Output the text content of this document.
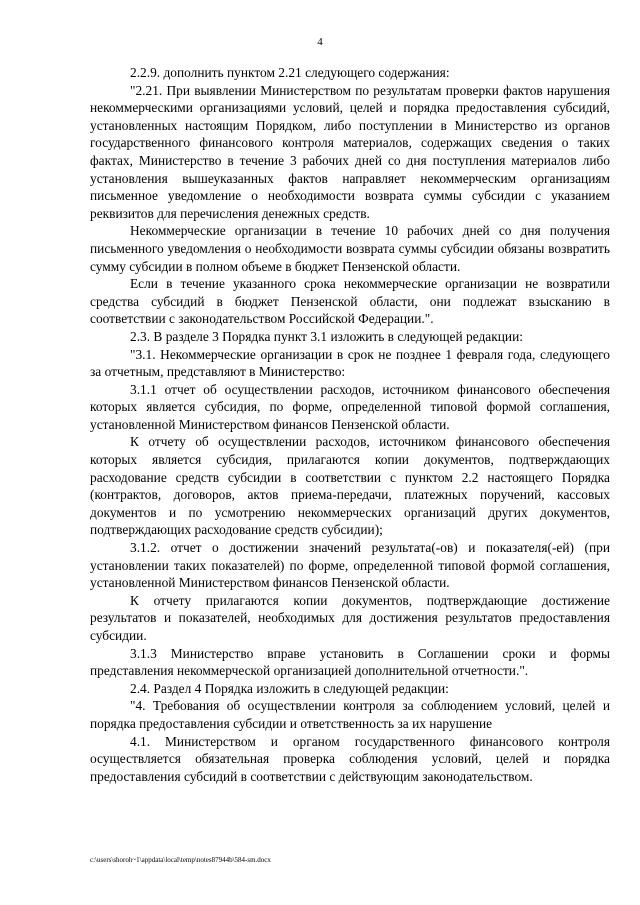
4

2.2.9. дополнить пунктом 2.21 следующего содержания:

"2.21. При выявлении Министерством по результатам проверки фактов нарушения некоммерческими организациями условий, целей и порядка предоставления субсидий, установленных настоящим Порядком, либо поступлении в Министерство из органов государственного финансового контроля материалов, содержащих сведения о таких фактах, Министерство в течение 3 рабочих дней со дня поступления материалов либо установления вышеуказанных фактов направляет некоммерческим организациям письменное уведомление о необходимости возврата суммы субсидии с указанием реквизитов для перечисления денежных средств.

Некоммерческие организации в течение 10 рабочих дней со дня получения письменного уведомления о необходимости возврата суммы субсидии обязаны возвратить сумму субсидии в полном объеме в бюджет Пензенской области.

Если в течение указанного срока некоммерческие организации не возвратили средства субсидий в бюджет Пензенской области, они подлежат взысканию в соответствии с законодательством Российской Федерации.".

2.3. В разделе 3 Порядка пункт 3.1 изложить в следующей редакции:

"3.1. Некоммерческие организации в срок не позднее 1 февраля года, следующего за отчетным, представляют в Министерство:

3.1.1 отчет об осуществлении расходов, источником финансового обеспечения которых является субсидия, по форме, определенной типовой формой соглашения, установленной Министерством финансов Пензенской области.

К отчету об осуществлении расходов, источником финансового обеспечения которых является субсидия, прилагаются копии документов, подтверждающих расходование средств субсидии в соответствии с пунктом 2.2 настоящего Порядка (контрактов, договоров, актов приема-передачи, платежных поручений, кассовых документов и по усмотрению некоммерческих организаций других документов, подтверждающих расходование средств субсидии);

3.1.2. отчет о достижении значений результата(-ов) и показателя(-ей) (при установлении таких показателей) по форме, определенной типовой формой соглашения, установленной Министерством финансов Пензенской области.

К отчету прилагаются копии документов, подтверждающие достижение результатов и показателей, необходимых для достижения результатов предоставления субсидии.

3.1.3 Министерство вправе установить в Соглашении сроки и формы представления некоммерческой организацией дополнительной отчетности.".

2.4. Раздел 4 Порядка изложить в следующей редакции:

"4. Требования об осуществлении контроля за соблюдением условий, целей и порядка предоставления субсидии и ответственность за их нарушение

4.1. Министерством и органом государственного финансового контроля осуществляется обязательная проверка соблюдения условий, целей и порядка предоставления субсидий в соответствии с действующим законодательством.

c:\users\shoroh~1\appdata\local\temp\notes87944b\584-sm.docx
